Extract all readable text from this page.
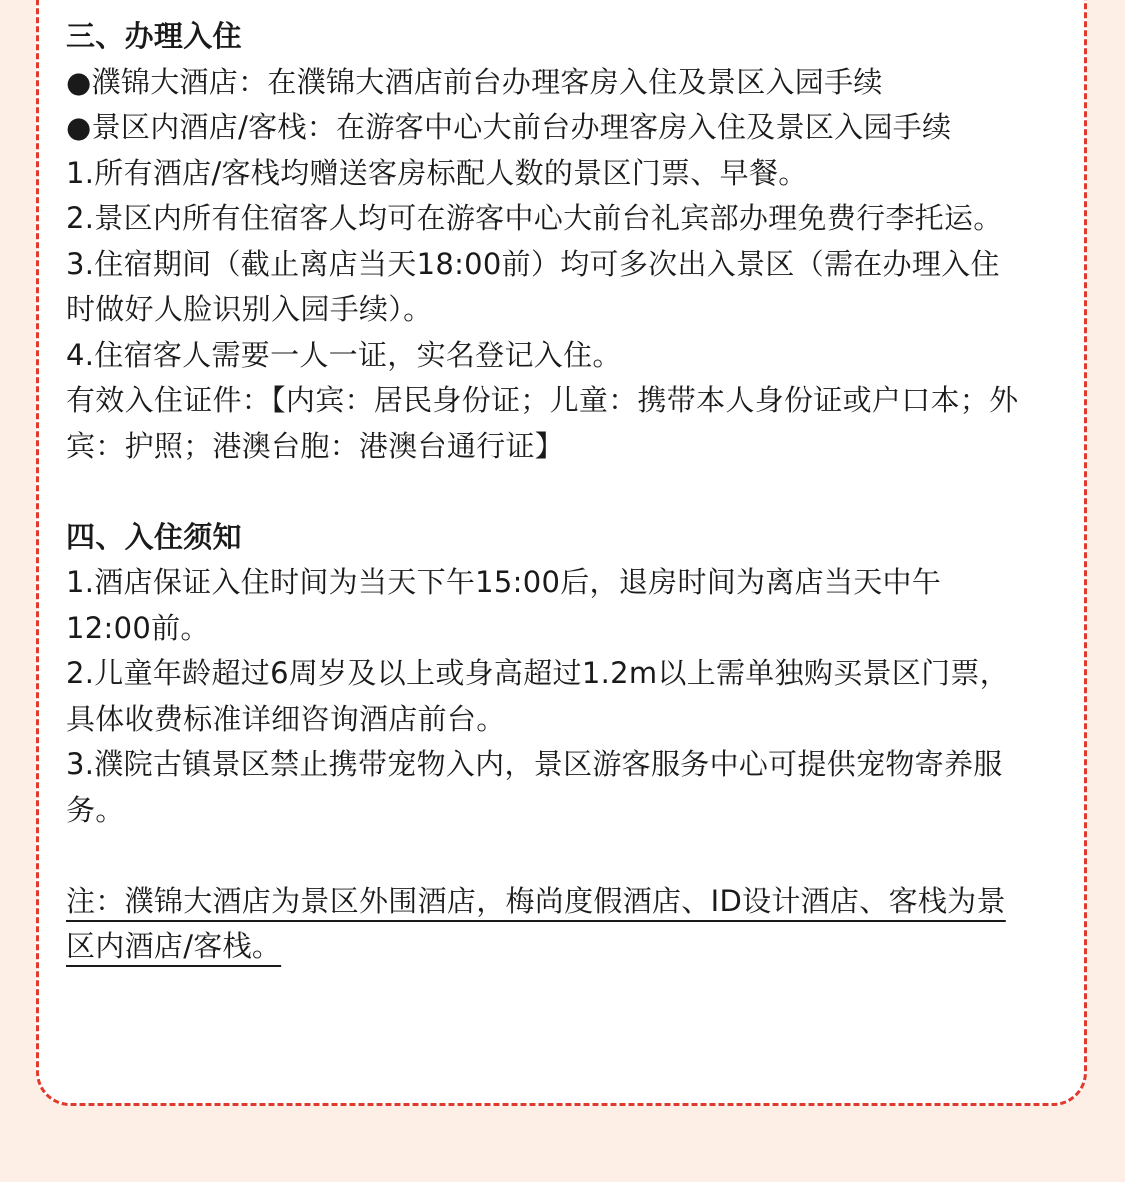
三、办理入住

●濮锦大酒店：在濮锦大酒店前台办理客房入住及景区入园手续

●景区内酒店/客栈：在游客中心大前台办理客房入住及景区入园手续

1.所有酒店/客栈均赠送客房标配人数的景区门票、早餐。

2.景区内所有住宿客人均可在游客中心大前台礼宾部办理免费行李托运。

3.住宿期间（截止离店当天18:00前）均可多次出入景区（需在办理入住时做好人脸识别入园手续）。

4.住宿客人需要一人一证，实名登记入住。

有效入住证件：【内宾：居民身份证；儿童：携带本人身份证或户口本；外宾：护照；港澳台胞：港澳台通行证】

四、入住须知

1.酒店保证入住时间为当天下午15:00后，退房时间为离店当天中午12:00前。

2.儿童年龄超过6周岁及以上或身高超过1.2m以上需单独购买景区门票，具体收费标准详细咨询酒店前台。

3.濮院古镇景区禁止携带宠物入内，景区游客服务中心可提供宠物寄养服务。

注：濮锦大酒店为景区外围酒店，梅尚度假酒店、ID设计酒店、客栈为景区内酒店/客栈。
